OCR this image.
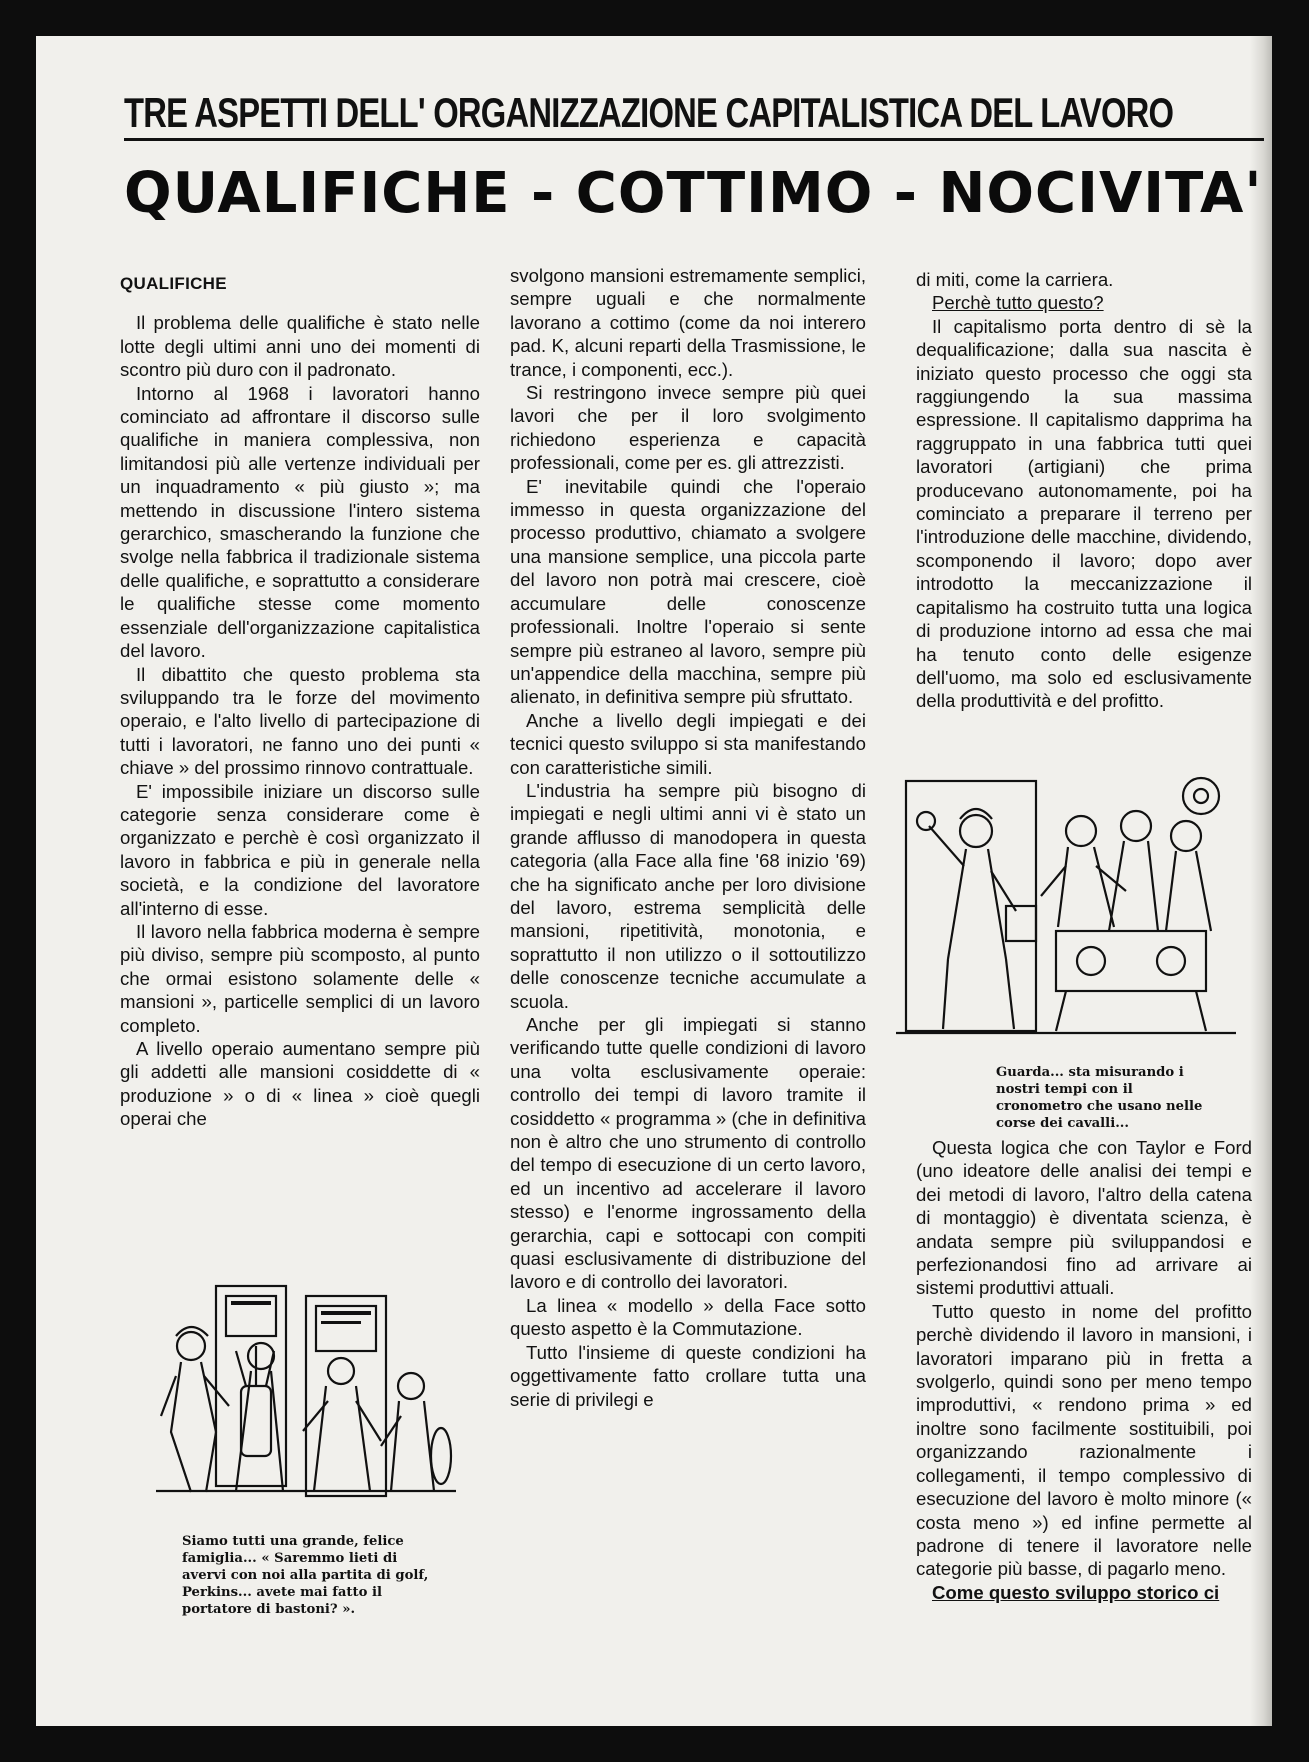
TRE ASPETTI DELL' ORGANIZZAZIONE CAPITALISTICA DEL LAVORO
QUALIFICHE - COTTIMO - NOCIVITA'
QUALIFICHE

Il problema delle qualifiche è stato nelle lotte degli ultimi anni uno dei momenti di scontro più duro con il padronato.

Intorno al 1968 i lavoratori hanno cominciato ad affrontare il discorso sulle qualifiche in maniera complessiva, non limitandosi più alle vertenze individuali per un inquadramento « più giusto »; ma mettendo in discussione l'intero sistema gerarchico, smascherando la funzione che svolge nella fabbrica il tradizionale sistema delle qualifiche, e soprattutto a considerare le qualifiche stesse come momento essenziale dell'organizzazione capitalistica del lavoro.

Il dibattito che questo problema sta sviluppando tra le forze del movimento operaio, e l'alto livello di partecipazione di tutti i lavoratori, ne fanno uno dei punti « chiave » del prossimo rinnovo contrattuale.

E' impossibile iniziare un discorso sulle categorie senza considerare come è organizzato e perchè è così organizzato il lavoro in fabbrica e più in generale nella società, e la condizione del lavoratore all'interno di esse.

Il lavoro nella fabbrica moderna è sempre più diviso, sempre più scomposto, al punto che ormai esistono solamente delle « mansioni », particelle semplici di un lavoro completo.

A livello operaio aumentano sempre più gli addetti alle mansioni cosiddette di « produzione » o di « linea » cioè quegli operai che

Siamo tutti una grande, felice famiglia... « Saremmo lieti di avervi con noi alla partita di golf, Perkins... avete mai fatto il portatore di bastoni? ».

svolgono mansioni estremamente semplici, sempre uguali e che normalmente lavorano a cottimo (come da noi interero pad. K, alcuni reparti della Trasmissione, le trance, i componenti, ecc.).

Si restringono invece sempre più quei lavori che per il loro svolgimento richiedono esperienza e capacità professionali, come per es. gli attrezzisti.

E' inevitabile quindi che l'operaio immesso in questa organizzazione del processo produttivo, chiamato a svolgere una mansione semplice, una piccola parte del lavoro non potrà mai crescere, cioè accumulare delle conoscenze professionali. Inoltre l'operaio si sente sempre più estraneo al lavoro, sempre più un'appendice della macchina, sempre più alienato, in definitiva sempre più sfruttato.

Anche a livello degli impiegati e dei tecnici questo sviluppo si sta manifestando con caratteristiche simili.

L'industria ha sempre più bisogno di impiegati e negli ultimi anni vi è stato un grande afflusso di manodopera in questa categoria (alla Face alla fine '68 inizio '69) che ha significato anche per loro divisione del lavoro, estrema semplicità delle mansioni, ripetitività, monotonia, e soprattutto il non utilizzo o il sottoutilizzo delle conoscenze tecniche accumulate a scuola.

Anche per gli impiegati si stanno verificando tutte quelle condizioni di lavoro una volta esclusivamente operaie: controllo dei tempi di lavoro tramite il cosiddetto « programma » (che in definitiva non è altro che uno strumento di controllo del tempo di esecuzione di un certo lavoro, ed un incentivo ad accelerare il lavoro stesso) e l'enorme ingrossamento della gerarchia, capi e sottocapi con compiti quasi esclusivamente di distribuzione del lavoro e di controllo dei lavoratori.

La linea « modello » della Face sotto questo aspetto è la Commutazione.

Tutto l'insieme di queste condizioni ha oggettivamente fatto crollare tutta una serie di privilegi e

di miti, come la carriera.

Perchè tutto questo?

Il capitalismo porta dentro di sè la dequalificazione; dalla sua nascita è iniziato questo processo che oggi sta raggiungendo la sua massima espressione. Il capitalismo dapprima ha raggruppato in una fabbrica tutti quei lavoratori (artigiani) che prima producevano autonomamente, poi ha cominciato a preparare il terreno per l'introduzione delle macchine, dividendo, scomponendo il lavoro; dopo aver introdotto la meccanizzazione il capitalismo ha costruito tutta una logica di produzione intorno ad essa che mai ha tenuto conto delle esigenze dell'uomo, ma solo ed esclusivamente della produttività e del profitto.

Guarda... sta misurando i nostri tempi con il cronometro che usano nelle corse dei cavalli...

Questa logica che con Taylor e Ford (uno ideatore delle analisi dei tempi e dei metodi di lavoro, l'altro della catena di montaggio) è diventata scienza, è andata sempre più sviluppandosi e perfezionandosi fino ad arrivare ai sistemi produttivi attuali.

Tutto questo in nome del profitto perchè dividendo il lavoro in mansioni, i lavoratori imparano più in fretta a svolgerlo, quindi sono per meno tempo improduttivi, « rendono prima » ed inoltre sono facilmente sostituibili, poi organizzando razionalmente i collegamenti, il tempo complessivo di esecuzione del lavoro è molto minore (« costa meno ») ed infine permette al padrone di tenere il lavoratore nelle categorie più basse, di pagarlo meno.

Come questo sviluppo storico ci
